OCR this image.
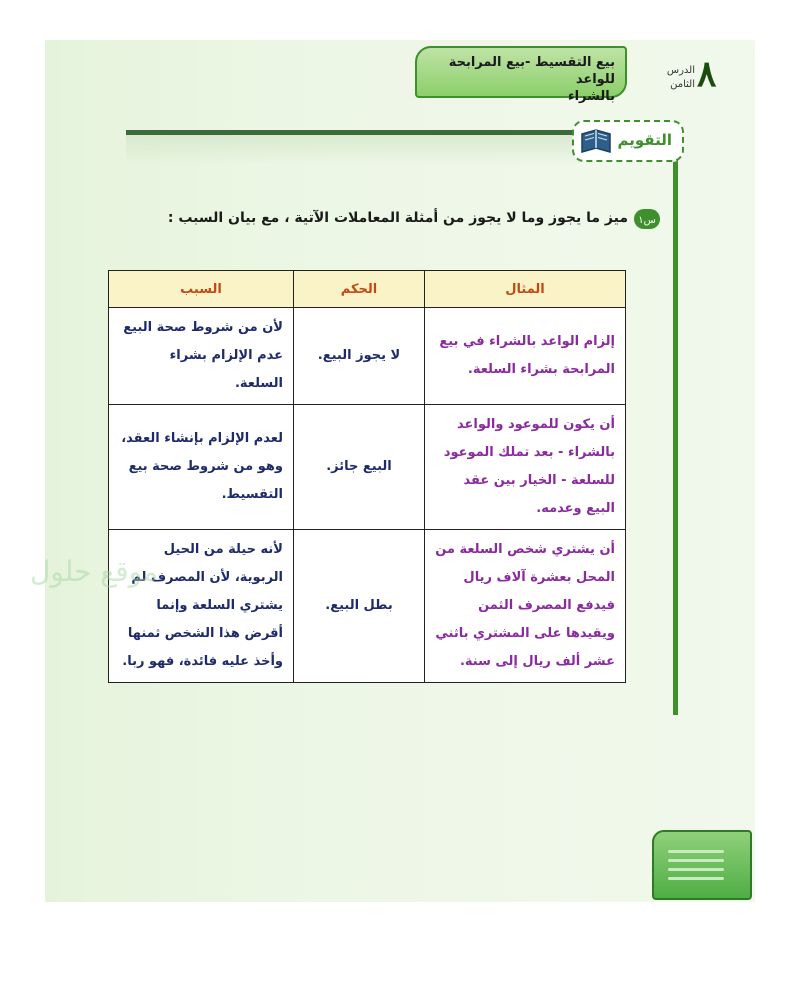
٨
الدرس
الثامن
بيع التقسيط -بيع المرابحة للواعد
بالشراء
التقويم
س١
ميز ما يجوز وما لا يجوز من أمثلة المعاملات الآتية ، مع بيان السبب :
المثال	الحكم	السبب
إلزام الواعد بالشراء في بيع المرابحة بشراء السلعة.	لا يجوز البيع.	لأن من شروط صحة البيع عدم الإلزام بشراء السلعة.
أن يكون للموعود والواعد بالشراء - بعد تملك الموعود للسلعة - الخيار بين عقد البيع وعدمه.	البيع جائز.	لعدم الإلزام بإنشاء العقد، وهو من شروط صحة بيع التقسيط.
أن يشتري شخص السلعة من المحل بعشرة آلاف ريال فيدفع المصرف الثمن ويقيدها على المشتري باثني عشر ألف ريال إلى سنة.	بطل البيع.	لأنه حيلة من الحيل الربوية، لأن المصرف لم يشتري السلعة وإنما أقرض هذا الشخص ثمنها وأخذ عليه فائدة، فهو ربا.
موقع حلول
